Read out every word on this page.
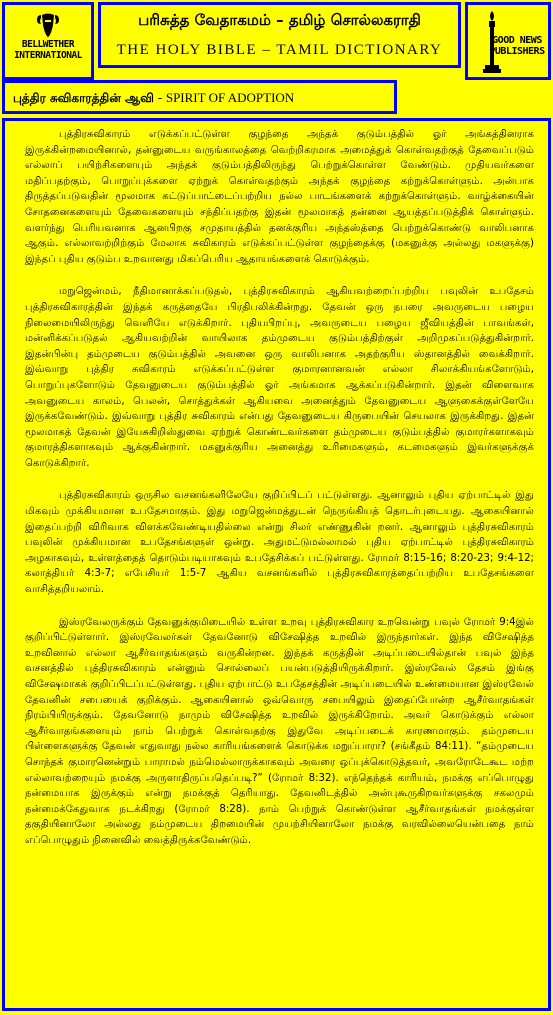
BELLWETHER INTERNATIONAL
பரிசுத்த வேதாகமம் – தமிழ் சொல்லகராதி
THE HOLY BIBLE – TAMIL DICTIONARY
GOOD NEWS PUBLISHERS
புத்திர சுவிகாரத்தின் ஆவி - SPIRIT OF ADOPTION

புத்திரசுவிகாரம் எடுக்கப்பட்டுள்ள குழந்தை அந்தக் குடும்பத்தில் ஓர் அங்கத்தினராக இருக்கின்றமையினால், தன்னுடைய வருங்காலத்தை வெற்றிகரமாக அமைத்துக் கொள்வதற்குத் தேவைப்படும் எல்லாப் பயிற்சிகளையும் அந்தக் குடும்பத்திலிருந்து பெற்றுக்கொள்ள வேண்டும். முதியவர்களை மதிப்பதற்கும், பொறுப்புக்களை ஏற்றுக் கொள்வதற்கும் அந்தக் குழந்தை கற்றுக்கொள்ளும். அன்பாக திருத்தப்படுவதின் மூலமாக கட்டுப்பாட்டைப்பற்றிய நல்ல பாடங்களைக் கற்றுக்கொள்ளும். வாழ்க்கையின் சோதனைகளையும் தேவைகளையும் சந்திப்பதற்கு இதன் மூலமாகத் தன்னை ஆயத்தப்படுத்திக் கொள்ளும். வளர்ந்து பெரியவனாக ஆனபிறகு சமுதாயத்தில் தனக்குரிய அந்தஸ்த்தை பெற்றுக்கொண்டு வாலிபனாக ஆகும். எல்லாவற்றிற்கும் மேலாக சுவிகாரம் எடுக்கப்பட்டுள்ள குழந்தைக்கு (மகனுக்கு அல்லது மகளுக்கு) இந்தப் புதிய குடும்ப உறவானது மிகப்பெரிய ஆதாயங்களைக் கொடுக்கும்.

மறுஜென்மம், நீதிமானாக்கப்படுதல், புத்திரசுவிகாரம் ஆகியவற்றைப்பற்றிய பவுலின் உபதேசம் புத்திரசுவிகாரத்தின் இந்தக் கருத்தையே பிரதிபலிக்கின்றது. தேவன் ஒரு நபரை அவருடைய பழைய நிலைமையிலிருந்து வெளியே எடுக்கிறார். புதியபிறப்பு, அவருடைய பழைய ஜீவியத்தின் பாவங்கள், மன்னிக்கப்படுதல் ஆகியவற்றின் வாயிலாக தம்முடைய குடும்பத்திற்குள் அறிமுகப்படுத்துகின்றார். இதன்பின்பு தம்முடைய குடும்பத்தில் அவனை ஒரு வாலிபனாக அதற்குரிய ஸ்தானத்தில் வைக்கிறார். இவ்வாறு புத்திர சுவிகாரம் எடுக்கப்பட்டுள்ள குமாரனானவன் எல்லா சிலாக்கியங்களோடும், பொறுப்புகளோடும் தேவனுடைய குடும்பத்தில் ஓர் அங்கமாக ஆக்கப்படுகின்றார். இதன் விளைவாக அவனுடைய காலம், பெலன், சொத்துக்கள் ஆகியவை அனைத்தும் தேவனுடைய ஆளுகைக்குள்ளேயே இருக்கவேண்டும். இவ்வாறு புத்திர சுவிகாரம் என்பது தேவனுடைய கிருபையின் செயலாக இருக்கிறது. இதன் மூலமாகத் தேவன் இயேசுகிறிஸ்துவை ஏற்றுக் கொண்டவர்களை தம்முடைய குடும்பத்தில் குமாரர்களாகவும் குமாரத்திகளாகவும் ஆக்குகின்றார். மகனுக்குரிய அனைத்து உரிமைகளும், கடமைகளும் இவர்களுக்குக் கொடுக்கிறார்.

புத்திரசுவிகாரம் ஒருசில வசனங்களிலேயே குறிப்பிடப் பட்டுள்ளது. ஆனாலும் புதிய ஏற்பாட்டில் இது மிகவும் முக்கியமான உபதேசமாகும். இது மறுஜென்மத்துடன் நெருங்கியத் தொடர்புடையது. ஆகையினால் இதைப்பற்றி விரிவாக விளக்கவேண்டியதில்லை என்று சிலர் எண்ணுகின் றனர். ஆனாலும் புத்திரசுவிகாரம் பவுலின் முக்கியமான உபதேசங்களுள் ஒன்று. அதுமட்டுமல்லாமல் புதிய ஏற்பாட்டில் புத்திரசுவிகாரம் அழகாகவும், உள்ளத்தைத் தொடும்படியாகவும் உபதேசிக்கப் பட்டுள்ளது. ரோமர் 8:15-16; 8:20-23; 9:4-12; கலாத்தியர் 4:3-7; எபேசியர் 1:5-7 ஆகிய வசனங்களில் புத்திரசுவிகாரத்தைப்பற்றிய உபதேசங்களை வாசித்தறியலாம்.

இஸ்ரவேலருக்கும் தேவனுக்குமிடையில் உள்ள உறவு புத்திரசுவிகார உறவென்று பவுல் ரோமர் 9:4இல் குறிப்பிட்டுள்ளார். இஸ்ரவேலர்கள் தேவனோடு விசேஷித்த உறவில் இருந்தார்கள். இந்த விசேஷித்த உறவினால் எல்லா ஆசீர்வாதங்களும் வருகின்றன. இந்தக் கருத்தின் அடிப்படையில்தான் பவுல் இந்த வசனத்தில் புத்திரசுவிகாரம் என்னும் சொல்லைப் பயன்படுத்தியிருக்கிறார். இஸ்ரவேல் தேசம் இங்கு விசேஷமாகக் குறிப்பிடப்பட்டுள்ளது. புதிய ஏற்பாட்டு உபதேசத்தின் அடிப்படையில் உண்மையான இஸ்ரவேல் தேவனின் சபையைக் குறிக்கும். ஆகையினால் ஒவ்வொரு சபையிலும் இதைப்போன்ற ஆசீர்வாதங்கள் நிரம்பியிருக்கும். தேவனோடு நாமும் விசேஷித்த உறவில் இருக்கிறோம். அவர் கொடுக்கும் எல்லா ஆசீர்வாதங்களையும் நாம் பெற்றுக் கொள்வதற்கு இதுவே அடிப்படைக் காரணமாகும். தம்முடைய பிள்ளைகளுக்கு தேவன் எதுவாது நல்ல காரியங்களைக் கொடுக்க மறுப்பாரா? (சங்கீதம் 84:11). “தம்முடைய சொந்தக் குமாரனென்றும் பாராமல் நம்மெல்லாருக்காகவும் அவரை ஒப்புக்கொடுத்தவர், அவரோடேகூட மற்ற எல்லாவற்றையும் நமக்கு அருளாதிருப்பதெப்படி?” (ரோமர் 8:32). எந்தெந்தக் காரியம், நமக்கு எப்பொழுது நன்மையாக இருக்கும் என்று நமக்குத் தெரியாது. தேவனிடத்தில் அன்புகூருகிறவர்களுக்கு சகலமும் நன்மைக்கேதுவாக நடக்கிறது (ரோமர் 8:28). நாம் பெற்றுக் கொண்டுள்ள ஆசீர்வாதங்கள் நமக்குள்ள தகுதியினாலோ அல்லது நம்முடைய திறமையின் முயற்சியினாலோ நமக்கு வரவில்லையென்பதை நாம் எப்பொழுதும் நினைவில் வைத்திருக்கவேண்டும்.
